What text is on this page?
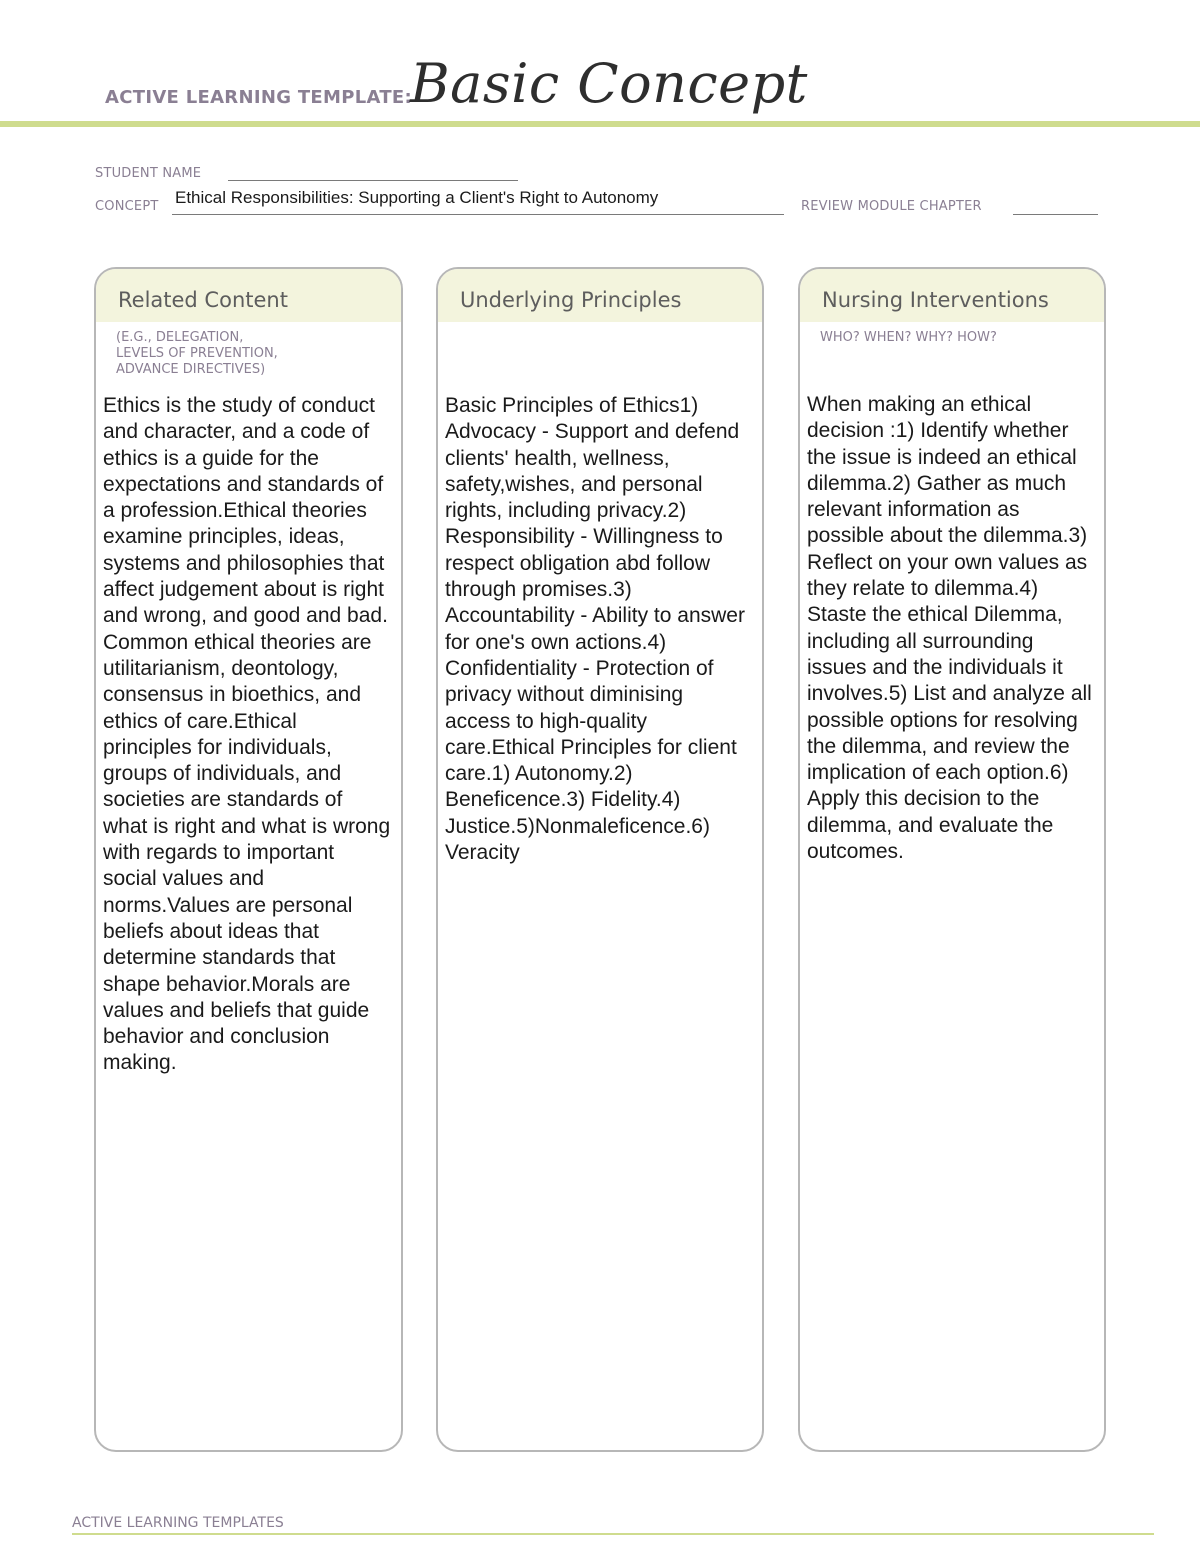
ACTIVE LEARNING TEMPLATE:
Basic Concept
STUDENT NAME
CONCEPT Ethical Responsibilities: Supporting a Client's Right to Autonomy	REVIEW MODULE CHAPTER
Related Content
(E.G., DELEGATION,
LEVELS OF PREVENTION,
ADVANCE DIRECTIVES)
Ethics is the study of conduct and character, and a code of ethics is a guide for the expectations and standards of a profession.Ethical theories examine principles, ideas, systems and philosophies that affect judgement about is right and wrong, and good and bad. Common ethical theories are utilitarianism, deontology, consensus in bioethics, and ethics of care.Ethical principles for individuals, groups of individuals, and societies are standards of what is right and what is wrong with regards to important social values and norms.Values are personal beliefs about ideas that determine standards that shape behavior.Morals are values and beliefs that guide behavior and conclusion making.
Underlying Principles
Basic Principles of Ethics1) Advocacy - Support and defend clients' health, wellness, safety,wishes, and personal rights, including privacy.2) Responsibility - Willingness to respect obligation abd follow through promises.3) Accountability - Ability to answer for one's own actions.4) Confidentiality - Protection of privacy without diminising access to high-quality care.Ethical Principles for client care.1) Autonomy.2) Beneficence.3) Fidelity.4) Justice.5)Nonmaleficence.6) Veracity
Nursing Interventions
WHO? WHEN? WHY? HOW?
When making an ethical decision :1) Identify whether the issue is indeed an ethical dilemma.2) Gather as much relevant information as possible about the dilemma.3) Reflect on your own values as they relate to dilemma.4) Staste the ethical Dilemma, including all surrounding issues and the individuals it involves.5) List and analyze all possible options for resolving the dilemma, and review the implication of each option.6) Apply this decision to the dilemma, and evaluate the outcomes.
ACTIVE LEARNING TEMPLATES
